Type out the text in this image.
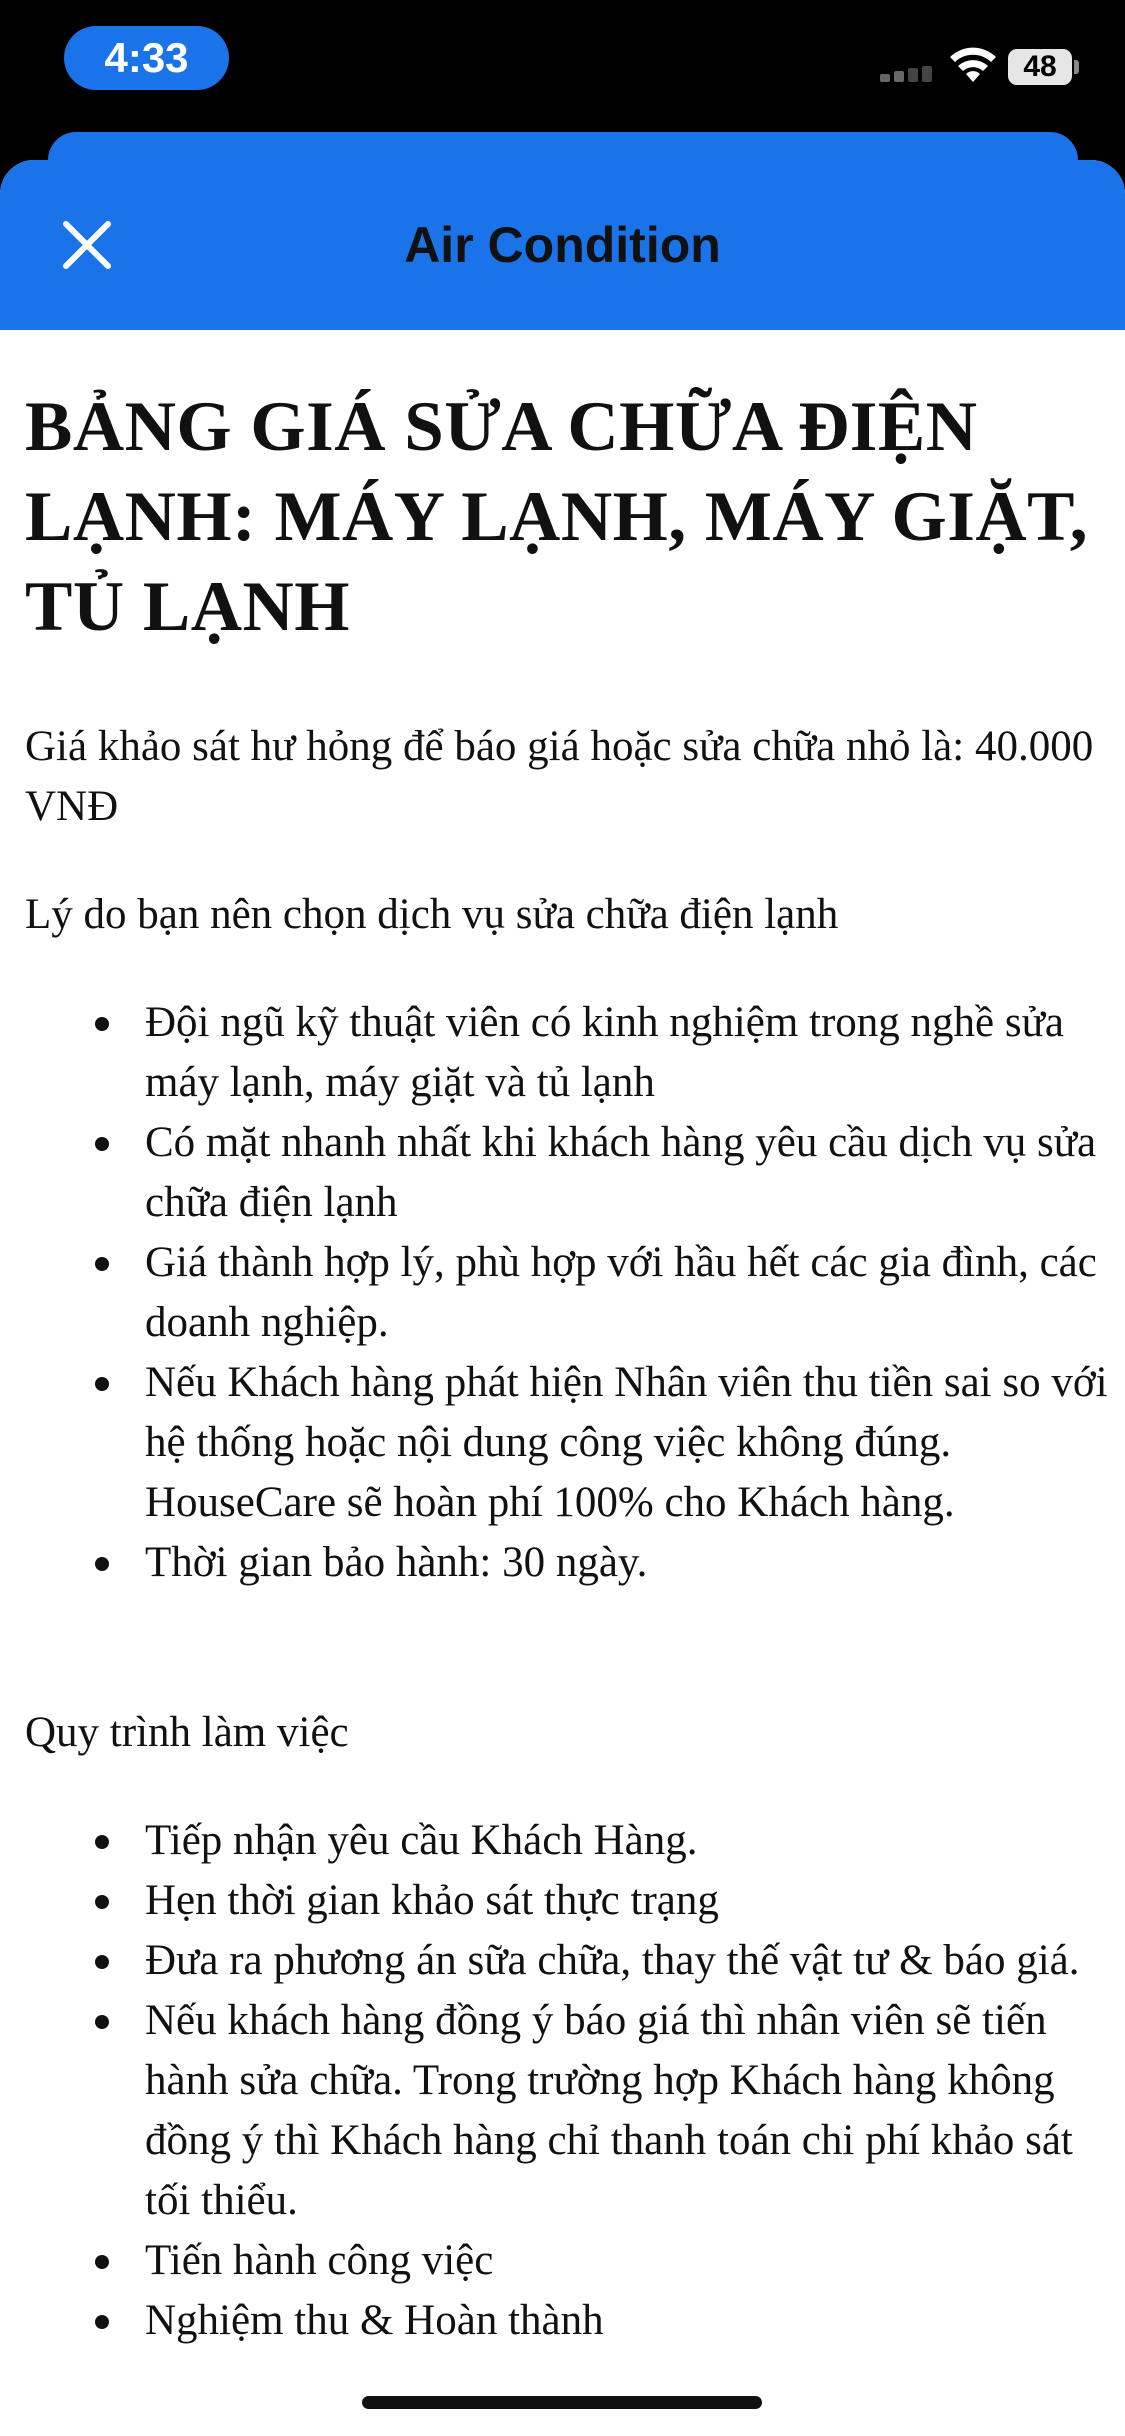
4:33	48
Air Condition
BẢNG GIÁ SỬA CHỮA ĐIỆN LẠNH: MÁY LẠNH, MÁY GIẶT, TỦ LẠNH

Giá khảo sát hư hỏng để báo giá hoặc sửa chữa nhỏ là: 40.000 VNĐ

Lý do bạn nên chọn dịch vụ sửa chữa điện lạnh

Đội ngũ kỹ thuật viên có kinh nghiệm trong nghề sửa máy lạnh, máy giặt và tủ lạnh
Có mặt nhanh nhất khi khách hàng yêu cầu dịch vụ sửa chữa điện lạnh
Giá thành hợp lý, phù hợp với hầu hết các gia đình, các doanh nghiệp.
Nếu Khách hàng phát hiện Nhân viên thu tiền sai so với hệ thống hoặc nội dung công việc không đúng. HouseCare sẽ hoàn phí 100% cho Khách hàng.
Thời gian bảo hành: 30 ngày.

Quy trình làm việc

Tiếp nhận yêu cầu Khách Hàng.
Hẹn thời gian khảo sát thực trạng
Đưa ra phương án sữa chữa, thay thế vật tư & báo giá.
Nếu khách hàng đồng ý báo giá thì nhân viên sẽ tiến hành sửa chữa. Trong trường hợp Khách hàng không đồng ý thì Khách hàng chỉ thanh toán chi phí khảo sát tối thiểu.
Tiến hành công việc
Nghiệm thu & Hoàn thành
